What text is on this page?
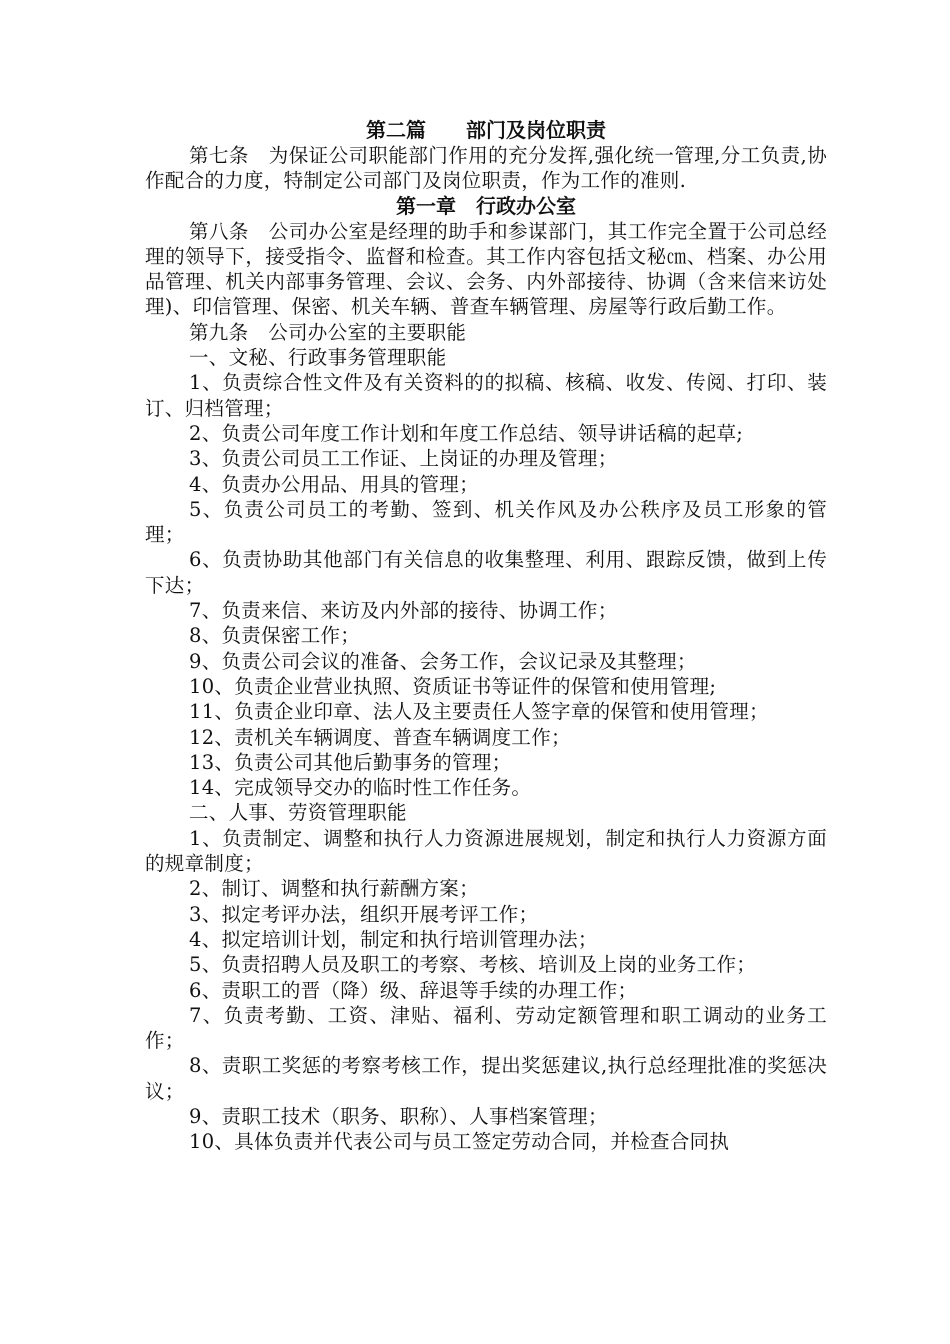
第二篇　　部门及岗位职责

第七条　为保证公司职能部门作用的充分发挥,强化统一管理,分工负责,协作配合的力度，特制定公司部门及岗位职责，作为工作的准则.

第一章　行政办公室

第八条　公司办公室是经理的助手和参谋部门，其工作完全置于公司总经理的领导下，接受指令、监督和检查。其工作内容包括文秘㎝、档案、办公用品管理、机关内部事务管理、会议、会务、内外部接待、协调（含来信来访处理)、印信管理、保密、机关车辆、普查车辆管理、房屋等行政后勤工作。

第九条　公司办公室的主要职能

一、文秘、行政事务管理职能

1、负责综合性文件及有关资料的的拟稿、核稿、收发、传阅、打印、装订、归档管理；

2、负责公司年度工作计划和年度工作总结、领导讲话稿的起草;

3、负责公司员工工作证、上岗证的办理及管理；

4、负责办公用品、用具的管理；

5、负责公司员工的考勤、签到、机关作风及办公秩序及员工形象的管理；

6、负责协助其他部门有关信息的收集整理、利用、跟踪反馈，做到上传下达；

7、负责来信、来访及内外部的接待、协调工作；

8、负责保密工作；

9、负责公司会议的准备、会务工作，会议记录及其整理；

10、负责企业营业执照、资质证书等证件的保管和使用管理;

11、负责企业印章、法人及主要责任人签字章的保管和使用管理；

12、责机关车辆调度、普查车辆调度工作；

13、负责公司其他后勤事务的管理；

14、完成领导交办的临时性工作任务。

二、人事、劳资管理职能

1、负责制定、调整和执行人力资源进展规划，制定和执行人力资源方面的规章制度；

2、制订、调整和执行薪酬方案；

3、拟定考评办法，组织开展考评工作；

4、拟定培训计划，制定和执行培训管理办法；

5、负责招聘人员及职工的考察、考核、培训及上岗的业务工作；

6、责职工的晋（降）级、辞退等手续的办理工作；

7、负责考勤、工资、津贴、福利、劳动定额管理和职工调动的业务工作；

8、责职工奖惩的考察考核工作，提出奖惩建议,执行总经理批准的奖惩决议；

9、责职工技术（职务、职称）、人事档案管理；

10、具体负责并代表公司与员工签定劳动合同，并检查合同执
